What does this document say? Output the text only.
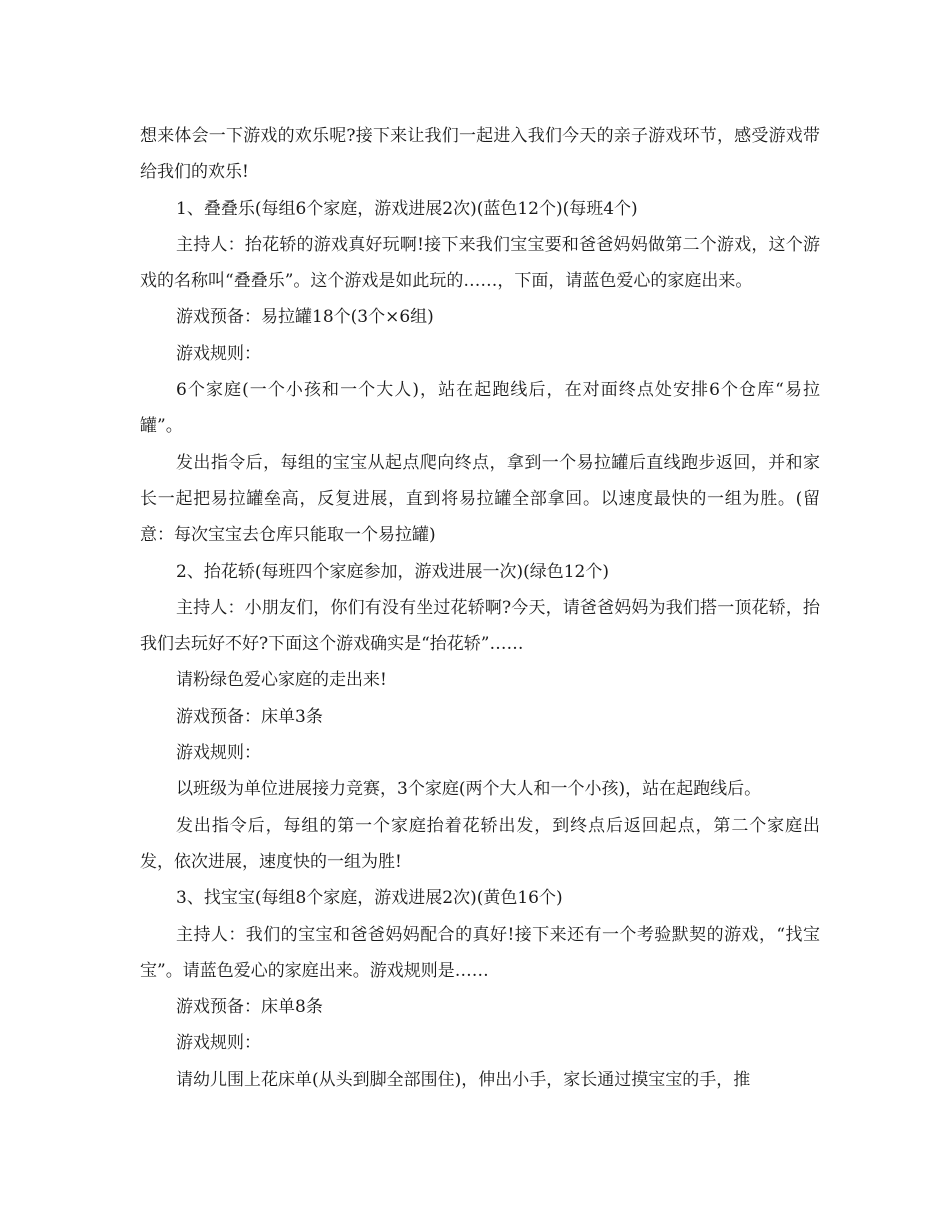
想来体会一下游戏的欢乐呢?接下来让我们一起进入我们今天的亲子游戏环节，感受游戏带给我们的欢乐!

1、叠叠乐(每组6个家庭，游戏进展2次)(蓝色12个)(每班4个)

主持人：抬花轿的游戏真好玩啊!接下来我们宝宝要和爸爸妈妈做第二个游戏，这个游戏的名称叫“叠叠乐”。这个游戏是如此玩的……，下面，请蓝色爱心的家庭出来。

游戏预备：易拉罐18个(3个×6组)

游戏规则：

6个家庭(一个小孩和一个大人)，站在起跑线后，在对面终点处安排6个仓库“易拉罐”。

发出指令后，每组的宝宝从起点爬向终点，拿到一个易拉罐后直线跑步返回，并和家长一起把易拉罐垒高，反复进展，直到将易拉罐全部拿回。以速度最快的一组为胜。(留意：每次宝宝去仓库只能取一个易拉罐)

2、抬花轿(每班四个家庭参加，游戏进展一次)(绿色12个)

主持人：小朋友们，你们有没有坐过花轿啊?今天，请爸爸妈妈为我们搭一顶花轿，抬我们去玩好不好?下面这个游戏确实是“抬花轿”……

请粉绿色爱心家庭的走出来!

游戏预备：床单3条

游戏规则：

以班级为单位进展接力竞赛，3个家庭(两个大人和一个小孩)，站在起跑线后。

发出指令后，每组的第一个家庭抬着花轿出发，到终点后返回起点，第二个家庭出发，依次进展，速度快的一组为胜!

3、找宝宝(每组8个家庭，游戏进展2次)(黄色16个)

主持人：我们的宝宝和爸爸妈妈配合的真好!接下来还有一个考验默契的游戏，“找宝宝”。请蓝色爱心的家庭出来。游戏规则是……

游戏预备：床单8条

游戏规则：

请幼儿围上花床单(从头到脚全部围住)，伸出小手，家长通过摸宝宝的手，推
